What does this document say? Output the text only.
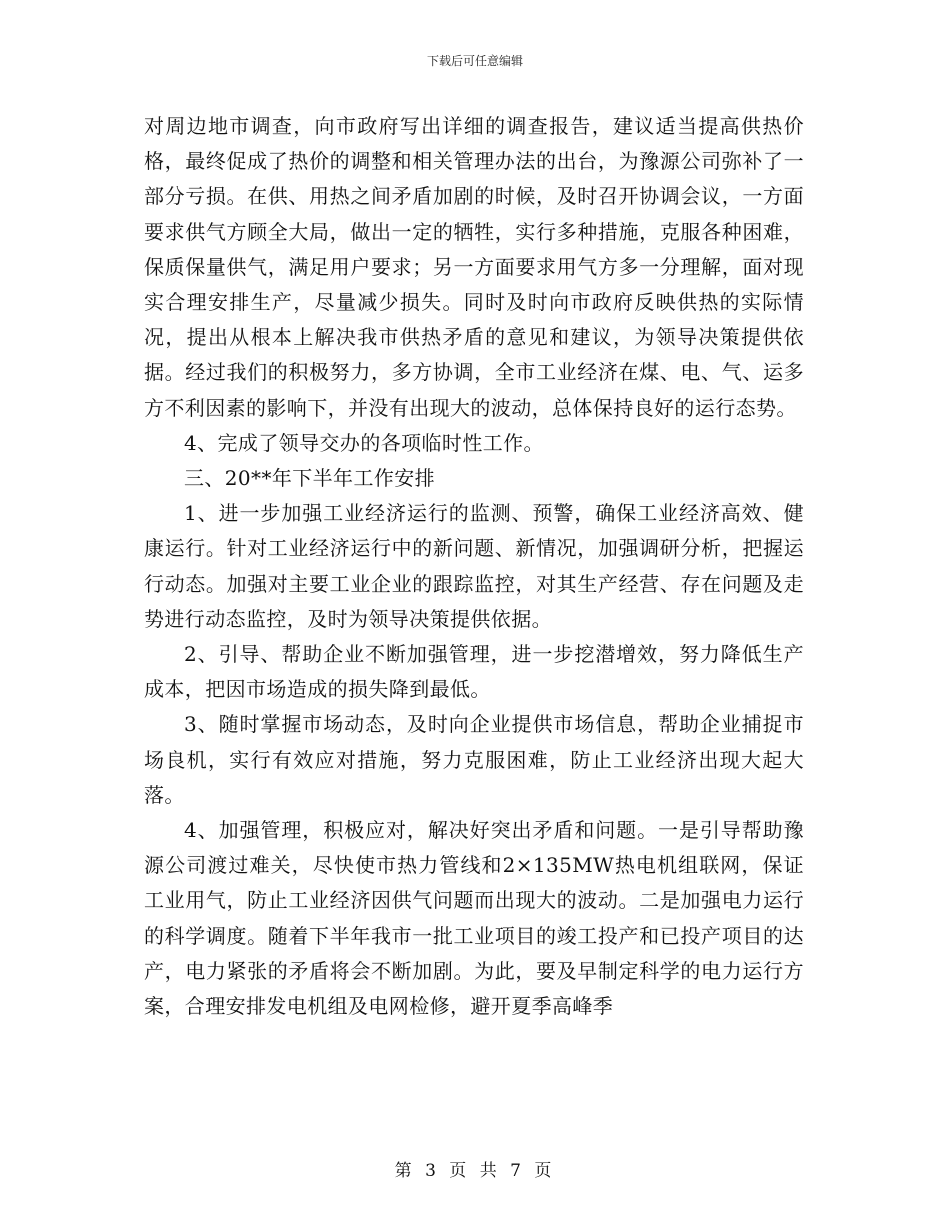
下载后可任意编辑

对周边地市调查，向市政府写出详细的调查报告，建议适当提高供热价格，最终促成了热价的调整和相关管理办法的出台，为豫源公司弥补了一部分亏损。在供、用热之间矛盾加剧的时候，及时召开协调会议，一方面要求供气方顾全大局，做出一定的牺牲，实行多种措施，克服各种困难，保质保量供气，满足用户要求；另一方面要求用气方多一分理解，面对现实合理安排生产，尽量减少损失。同时及时向市政府反映供热的实际情况，提出从根本上解决我市供热矛盾的意见和建议，为领导决策提供依据。经过我们的积极努力，多方协调，全市工业经济在煤、电、气、运多方不利因素的影响下，并没有出现大的波动，总体保持良好的运行态势。

4、完成了领导交办的各项临时性工作。

三、20**年下半年工作安排

1、进一步加强工业经济运行的监测、预警，确保工业经济高效、健康运行。针对工业经济运行中的新问题、新情况，加强调研分析，把握运行动态。加强对主要工业企业的跟踪监控，对其生产经营、存在问题及走势进行动态监控，及时为领导决策提供依据。

2、引导、帮助企业不断加强管理，进一步挖潜增效，努力降低生产成本，把因市场造成的损失降到最低。

3、随时掌握市场动态，及时向企业提供市场信息，帮助企业捕捉市场良机，实行有效应对措施，努力克服困难，防止工业经济出现大起大落。

4、加强管理，积极应对，解决好突出矛盾和问题。一是引导帮助豫源公司渡过难关，尽快使市热力管线和2×135MW热电机组联网，保证工业用气，防止工业经济因供气问题而出现大的波动。二是加强电力运行的科学调度。随着下半年我市一批工业项目的竣工投产和已投产项目的达产，电力紧张的矛盾将会不断加剧。为此，要及早制定科学的电力运行方案，合理安排发电机组及电网检修，避开夏季高峰季

第 3 页 共 7 页
